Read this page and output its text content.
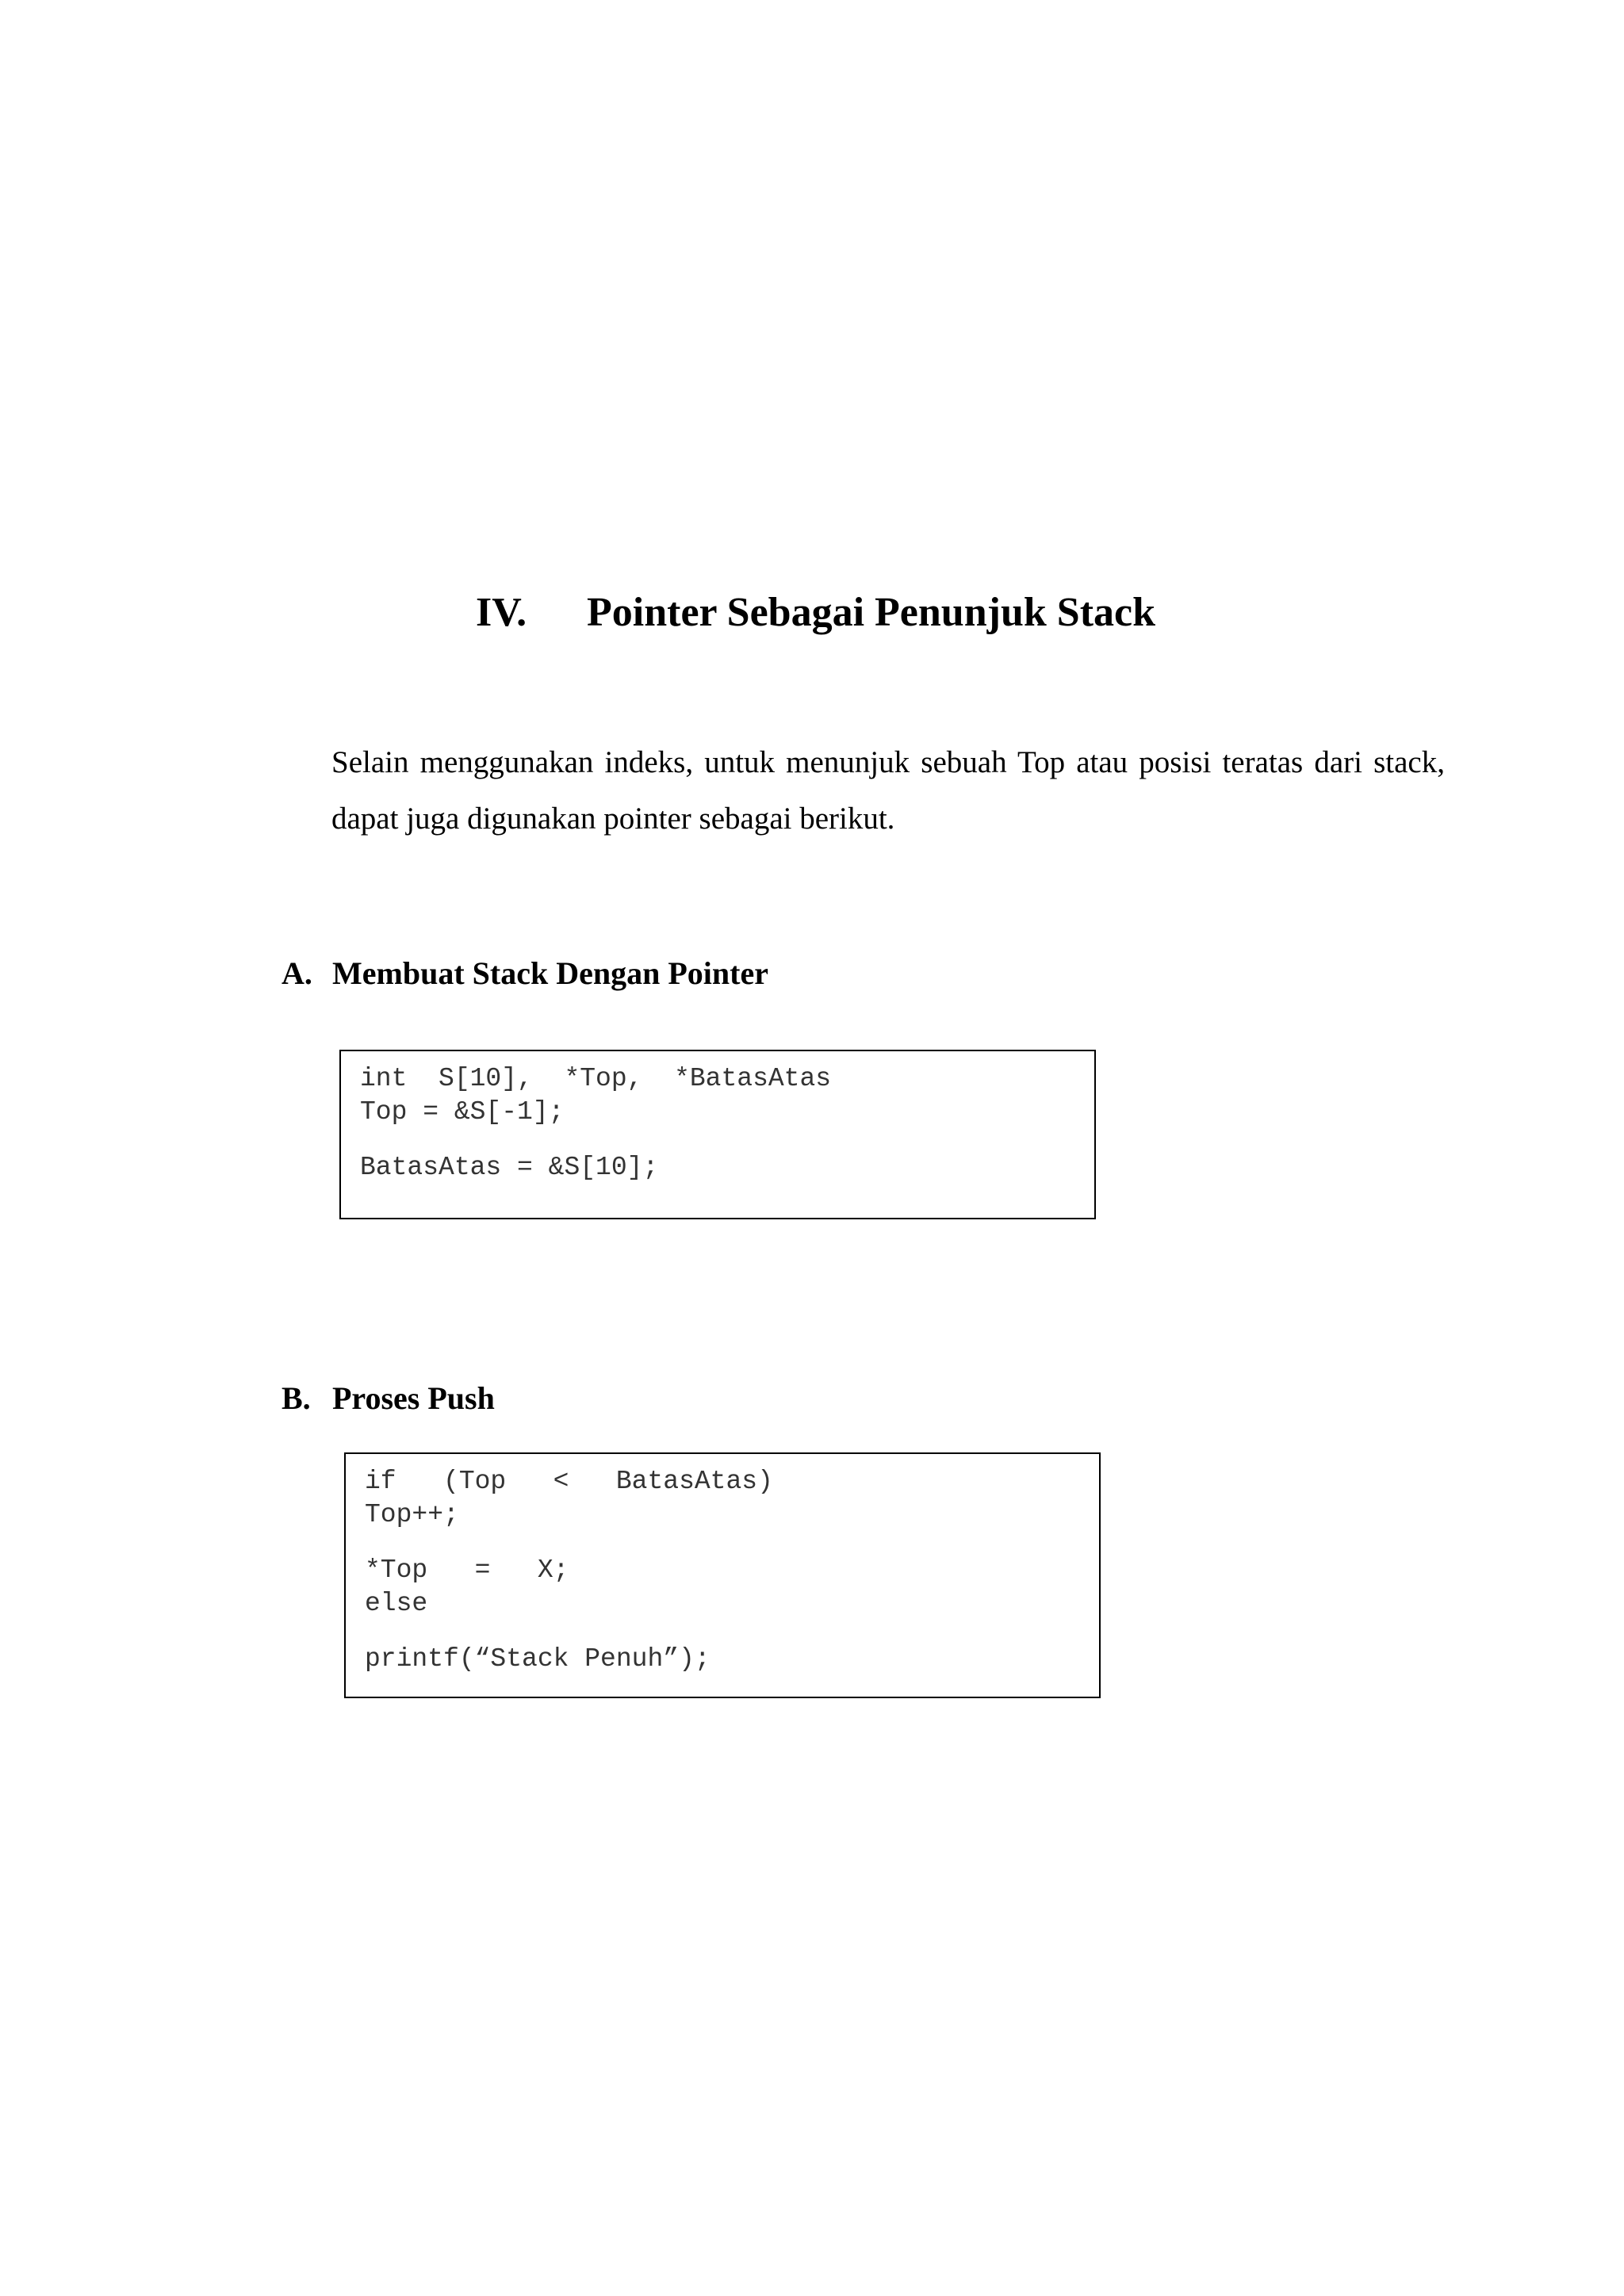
IV. Pointer Sebagai Penunjuk Stack

Selain menggunakan indeks, untuk menunjuk sebuah Top atau posisi teratas dari stack, dapat juga digunakan pointer sebagai berikut.

A. Membuat Stack Dengan Pointer
int  S[10],  *Top,  *BatasAtas
Top = &S[-1];
BatasAtas = &S[10];
B. Proses Push
if   (Top   <   BatasAtas)
Top++;
*Top   =   X;
else
printf(“Stack Penuh”);
